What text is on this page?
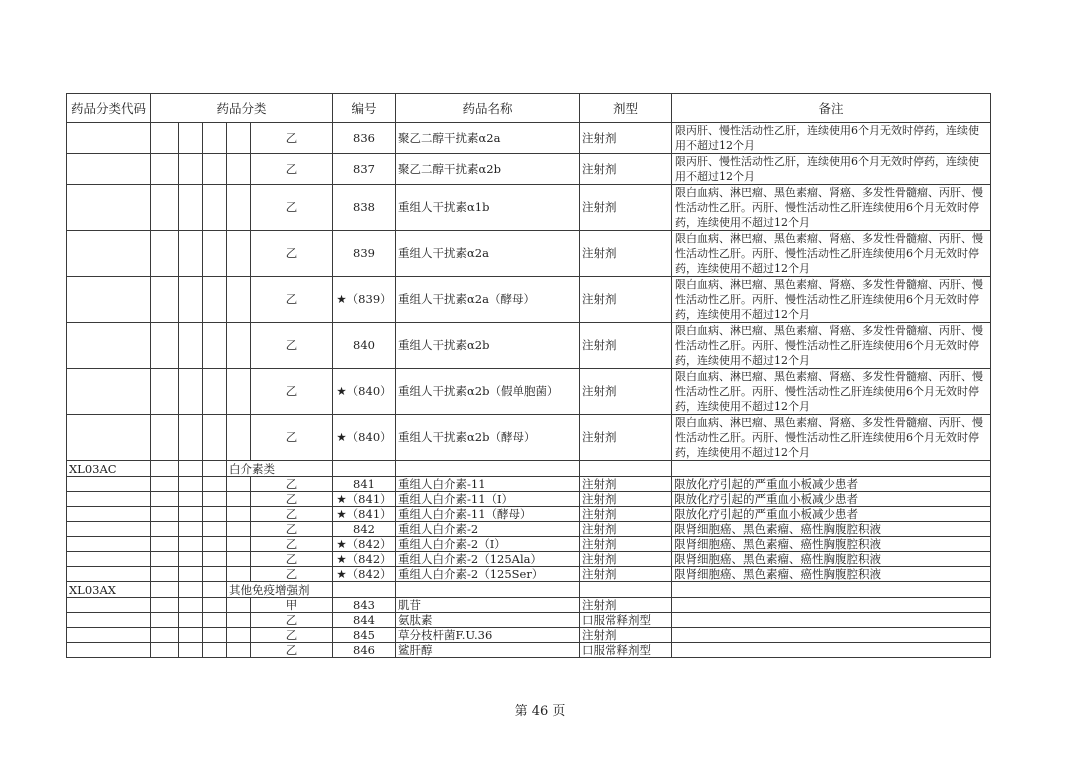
药品分类代码	药品分类					编号	药品名称	剂型	备注
					乙	836	聚乙二醇干扰素α2a	注射剂	限丙肝、慢性活动性乙肝，连续使用6个月无效时停药，连续使用不超过12个月
					乙	837	聚乙二醇干扰素α2b	注射剂	限丙肝、慢性活动性乙肝，连续使用6个月无效时停药，连续使用不超过12个月
					乙	838	重组人干扰素α1b	注射剂	限白血病、淋巴瘤、黑色素瘤、肾癌、多发性骨髓瘤、丙肝、慢性活动性乙肝。丙肝、慢性活动性乙肝连续使用6个月无效时停药，连续使用不超过12个月
					乙	839	重组人干扰素α2a	注射剂	限白血病、淋巴瘤、黑色素瘤、肾癌、多发性骨髓瘤、丙肝、慢性活动性乙肝。丙肝、慢性活动性乙肝连续使用6个月无效时停药，连续使用不超过12个月
					乙	★（839）	重组人干扰素α2a（酵母）	注射剂	限白血病、淋巴瘤、黑色素瘤、肾癌、多发性骨髓瘤、丙肝、慢性活动性乙肝。丙肝、慢性活动性乙肝连续使用6个月无效时停药，连续使用不超过12个月
					乙	840	重组人干扰素α2b	注射剂	限白血病、淋巴瘤、黑色素瘤、肾癌、多发性骨髓瘤、丙肝、慢性活动性乙肝。丙肝、慢性活动性乙肝连续使用6个月无效时停药，连续使用不超过12个月
					乙	★（840）	重组人干扰素α2b（假单胞菌）	注射剂	限白血病、淋巴瘤、黑色素瘤、肾癌、多发性骨髓瘤、丙肝、慢性活动性乙肝。丙肝、慢性活动性乙肝连续使用6个月无效时停药，连续使用不超过12个月
					乙	★（840）	重组人干扰素α2b（酵母）	注射剂	限白血病、淋巴瘤、黑色素瘤、肾癌、多发性骨髓瘤、丙肝、慢性活动性乙肝。丙肝、慢性活动性乙肝连续使用6个月无效时停药，连续使用不超过12个月
XL03AC				白介素类					
					乙	841	重组人白介素-11	注射剂	限放化疗引起的严重血小板减少患者
					乙	★（841）	重组人白介素-11（Ⅰ）	注射剂	限放化疗引起的严重血小板减少患者
					乙	★（841）	重组人白介素-11（酵母）	注射剂	限放化疗引起的严重血小板减少患者
					乙	842	重组人白介素-2	注射剂	限肾细胞癌、黑色素瘤、癌性胸腹腔积液
					乙	★（842）	重组人白介素-2（Ⅰ）	注射剂	限肾细胞癌、黑色素瘤、癌性胸腹腔积液
					乙	★（842）	重组人白介素-2（125Ala）	注射剂	限肾细胞癌、黑色素瘤、癌性胸腹腔积液
					乙	★（842）	重组人白介素-2（125Ser）	注射剂	限肾细胞癌、黑色素瘤、癌性胸腹腔积液
XL03AX				其他免疫增强剂					
					甲	843	肌苷	注射剂	
					乙	844	氨肽素	口服常释剂型	
					乙	845	草分枝杆菌F.U.36	注射剂	
					乙	846	鲨肝醇	口服常释剂型	
第 46 页
